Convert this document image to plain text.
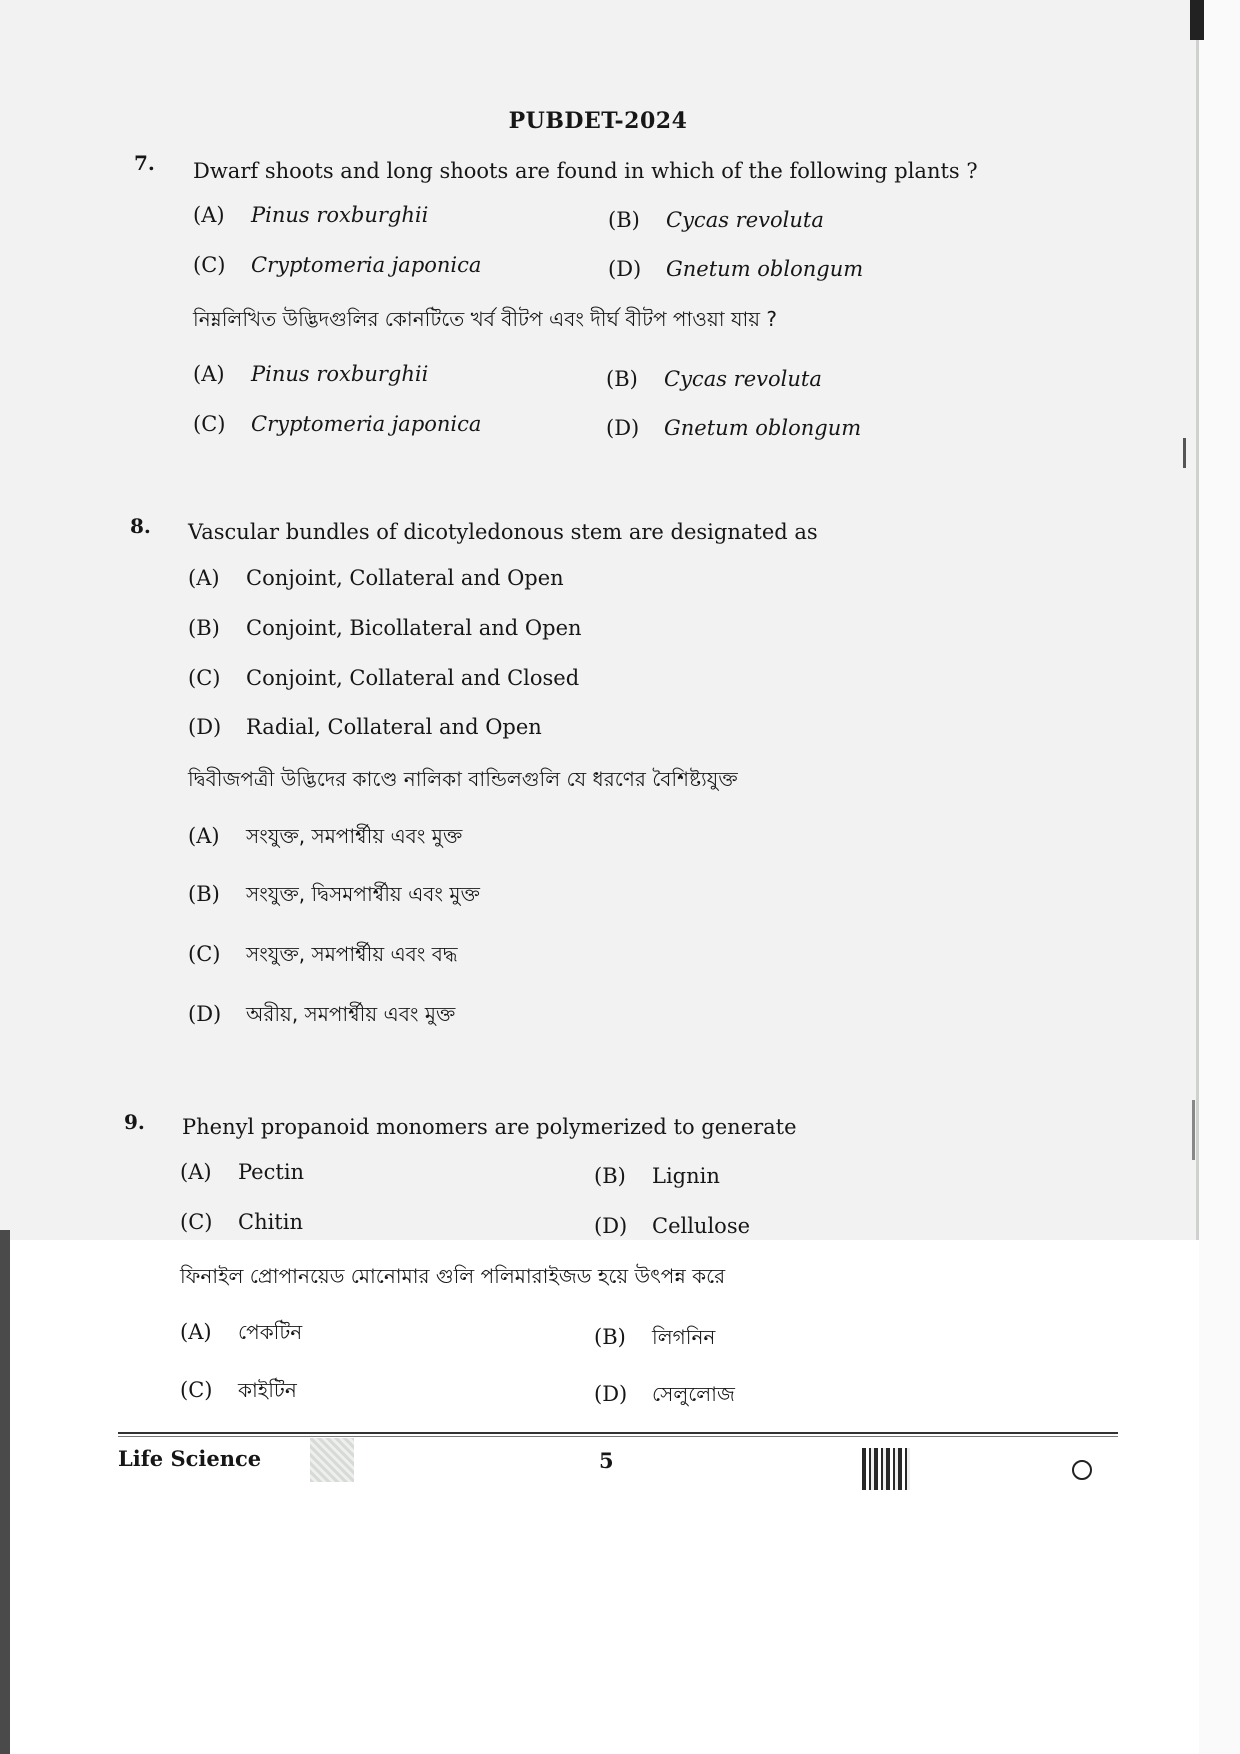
PUBDET-2024
7. Dwarf shoots and long shoots are found in which of the following plants ?
(A) Pinus roxburghii	(B) Cycas revoluta
(C) Cryptomeria japonica	(D) Gnetum oblongum
নিম্নলিখিত উদ্ভিদগুলির কোনটিতে খর্ব বীটপ এবং দীর্ঘ বীটপ পাওয়া যায় ?
(A) Pinus roxburghii	(B) Cycas revoluta
(C) Cryptomeria japonica	(D) Gnetum oblongum
8. Vascular bundles of dicotyledonous stem are designated as
(A) Conjoint, Collateral and Open
(B) Conjoint, Bicollateral and Open
(C) Conjoint, Collateral and Closed
(D) Radial, Collateral and Open
দ্বিবীজপত্রী উদ্ভিদের কাণ্ডে নালিকা বান্ডিলগুলি যে ধরণের বৈশিষ্ট্যযুক্ত
(A) সংযুক্ত, সমপার্শ্বীয় এবং মুক্ত
(B) সংযুক্ত, দ্বিসমপার্শ্বীয় এবং মুক্ত
(C) সংযুক্ত, সমপার্শ্বীয় এবং বদ্ধ
(D) অরীয়, সমপার্শ্বীয় এবং মুক্ত
9. Phenyl propanoid monomers are polymerized to generate
(A) Pectin	(B) Lignin
(C) Chitin	(D) Cellulose
ফিনাইল প্রোপানয়েড মোনোমার গুলি পলিমারাইজড হয়ে উৎপন্ন করে
(A) পেকটিন	(B) লিগনিন
(C) কাইটিন	(D) সেলুলোজ
Life Science	5
